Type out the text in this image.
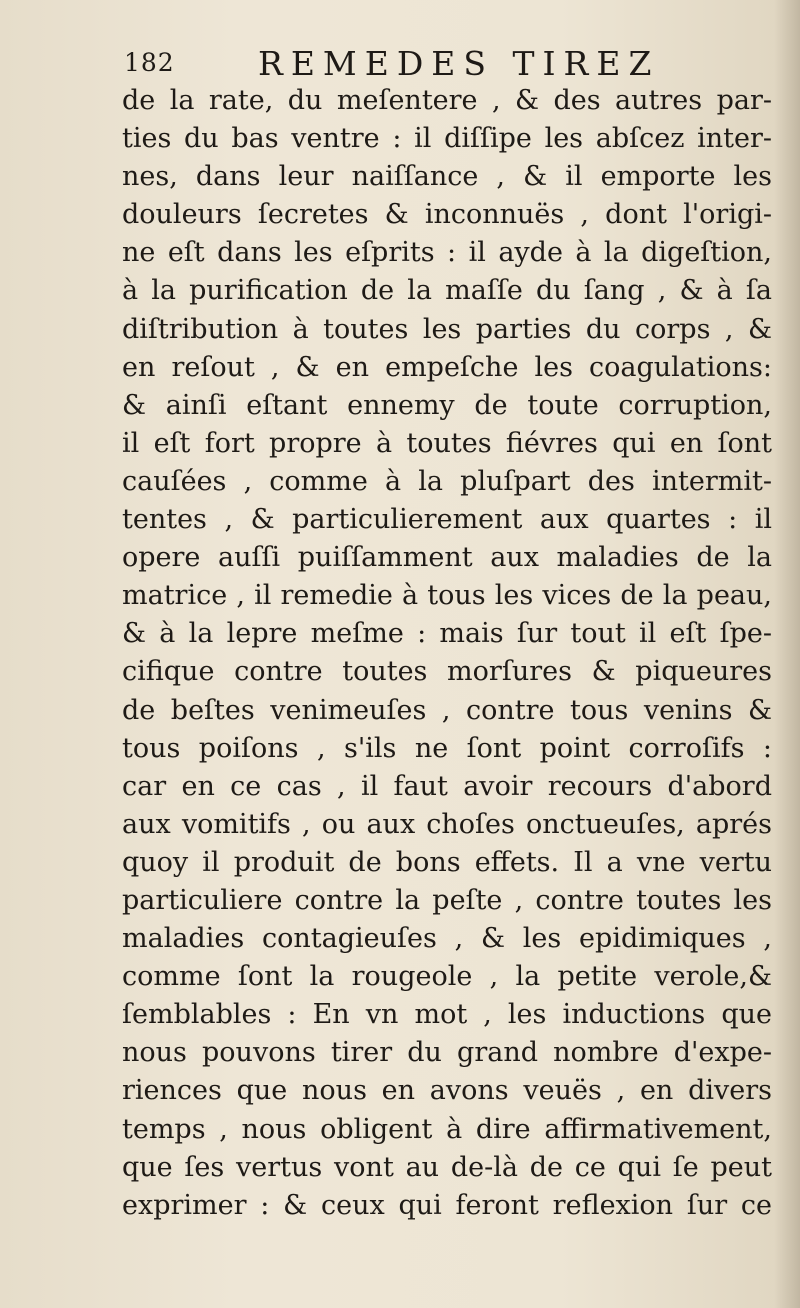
182	REMEDES TIREZ
de la rate, du meſentere , & des autres par-
ties du bas ventre : il diſſipe les abſcez inter-
nes, dans leur naiſſance , & il emporte les
douleurs ſecretes & inconnuës , dont l'origi-
ne eſt dans les eſprits : il ayde à la digeſtion,
à la purification de la maſſe du ſang , & à ſa
diſtribution à toutes les parties du corps , &
en reſout , & en empeſche les coagulations:
& ainſi eſtant ennemy de toute corruption,
il eſt fort propre à toutes fiévres qui en ſont
cauſées , comme à la pluſpart des intermit-
tentes , & particulierement aux quartes : il
opere auſſi puiſſamment aux maladies de la
matrice , il remedie à tous les vices de la peau,
& à la lepre meſme : mais ſur tout il eſt ſpe-
cifique contre toutes morſures & piqueures
de beſtes venimeuſes , contre tous venins &
tous poiſons , s'ils ne ſont point corroſifs :
car en ce cas , il faut avoir recours d'abord
aux vomitifs , ou aux choſes onctueuſes, aprés
quoy il produit de bons effets. Il a vne vertu
particuliere contre la peſte , contre toutes les
maladies contagieuſes , & les epidimiques ,
comme ſont la rougeole , la petite verole,&
ſemblables : En vn mot , les inductions que
nous pouvons tirer du grand nombre d'expe-
riences que nous en avons veuës , en divers
temps , nous obligent à dire affirmativement,
que ſes vertus vont au de-là de ce qui ſe peut
exprimer : & ceux qui feront reflexion ſur ce
